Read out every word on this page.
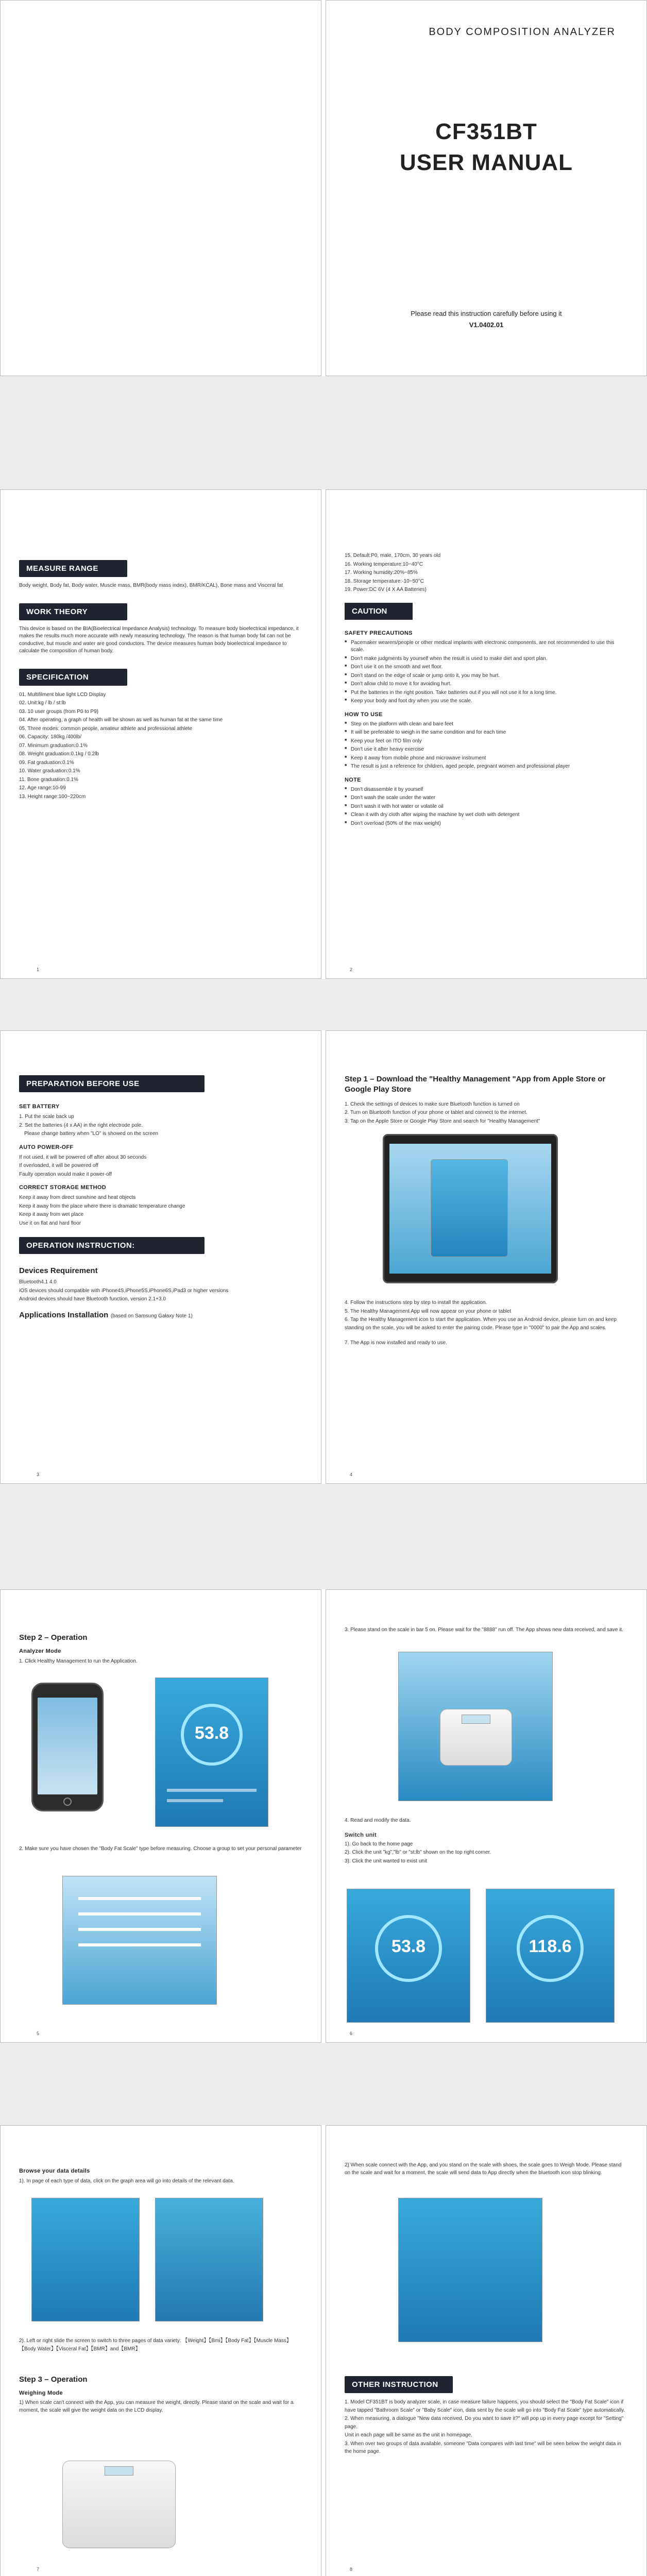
BODY COMPOSITION ANALYZER
CF351BT
USER MANUAL
Please read this instruction carefully before using it
V1.0402.01
MEASURE RANGE
Body weight, Body fat, Body water, Muscle mass, BMR(body mass index), BMR/KCAL), Bone mass and Visceral fat
WORK THEORY
This device is based on the BIA(Bioelectrical Impedance Analysis) technology. To measure body bioelectrical impedance, it makes the results much more accurate with newly measuring technology. The reason is that human body fat can not be conductive, but muscle and water are good conductors. The device measures human body bioelectrical impedance to calculate the composition of human body.
SPECIFICATION
01. Multifilment blue light LCD Display
02. Unit:kg / lb / st:lb
03. 10 user groups (from P0 to P9)
04. After operating, a graph of health will be shown as well as human fat at the same time
05. Three modes: common people, amateur athlete and professional athlete
06. Capacity: 180kg /400lb/
07. Minimum graduation:0.1%
08. Weight graduation:0.1kg / 0.2lb
09. Fat graduation:0.1%
10. Water graduation:0.1%
11. Bone graduation:0.1%
12. Age range:10-99
13. Height range:100~220cm
1
15. Default:P0, male, 170cm, 30 years old
16. Working temperature:10~40°C
17. Working humidity:20%~85%
18. Storage temperature:-10~50°C
19. Power:DC 6V (4 X AA Batteries)
CAUTION
SAFETY PRECAUTIONS
■ Pacemaker wearers/people or other medical implants with electronic components, are not recommended to use this scale.
■ Don't make judgments by yourself when the result is used to make diet and sport plan.
■ Don't use it on the smooth and wet floor.
■ Don't stand on the edge of scale or jump onto it, you may be hurt.
■ Don't allow child to move it for avoiding hurt.
■ Put the batteries in the right position. Take batteries out if you will not use it for a long time.
■ Keep your body and foot dry when you use the scale.
HOW TO USE
■ Step on the platform with clean and bare feet
■ It will be preferable to weigh in the same condition and for each time
■ Keep your feet on ITO film only
■ Don't use it after heavy exercise
■ Keep it away from mobile phone and microwave instrument
■ The result is just a reference for children, aged people, pregnant women and professional player
NOTE
■ Don't disassemble it by yourself
■ Don't wash the scale under the water
■ Don't wash it with hot water or volatile oil
■ Clean it with dry cloth after wiping the machine by wet cloth with detergent
■ Don't overload (50% of the max weight)
2
PREPARATION BEFORE USE
SET BATTERY
1. Put the scale back up
2. Set the batteries (4 x AA) in the right electrode pole.
Please change battery when "LO" is showed on the screen
AUTO POWER-OFF
If not used, it will be powered off after about 30 seconds
If overloaded, it will be powered off
Faulty operation would make it power-off
CORRECT STORAGE METHOD
Keep it away from direct sunshine and heat objects
Keep it away from the place where there is dramatic temperature change
Keep it away from wet place
Use it on flat and hard floor
OPERATION INSTRUCTION:
Devices Requirement
Bluetooth4.1 4.0
iOS devices should compatible with iPhone4S,iPhone5S,iPhone6S,iPad3 or higher versions
Android devices should have Bluetooth function, version 2.1+3.0
Applications Installation (based on Samsung Galaxy Note 1)
3
Step 1 – Download the "Healthy Management "App from Apple Store or Google Play Store
1. Check the settings of devices to make sure Bluetooth function is turned on
2. Turn on Bluetooth function of your phone or tablet and connect to the internet.
3. Tap on the Apple Store or Google Play Store and search for "Healthy Management"
4. Follow the instructions step by step to install the application.
5. The Healthy Management App will now appear on your phone or tablet
6. Tap the Healthy Management icon to start the application. When you use an Android device, please turn on and keep standing on the scale, you will be asked to enter the pairing code. Please type in "0000" to pair the App and scales.
7. The App is now installed and ready to use.
4
Step 2 – Operation
Analyzer Mode
1. Click Healthy Management to run the Application.
53.8
2. Make sure you have chosen the "Body Fat Scale" type before measuring. Choose a group to set your personal parameter
5
3. Please stand on the scale in bar 5 on. Please wait for the "8888" run off. The App shows new data received, and save it.
4. Read and modify the data.
Switch unit
1). Go back to the home page
2). Click the unit "kg","lb" or "st:lb" shown on the top right corner.
3). Click the unit wanted to exist unit
53.8	118.6
6
Browse your data details
1). In page of each type of data, click on the graph area will go into details of the relevant data.
2). Left or right slide the screen to switch to three pages of data variety: 【Weight】【Bmi】【Body Fat】【Muscle Mass】【Body Water】【Visceral Fat】【BMR】and【BMR】
Step 3 – Operation
Weighing Mode
1) When scale can't connect with the App, you can measure the weight, directly. Please stand on the scale and wait for a moment, the scale will give the weight data on the LCD display.
7
2) When scale connect with the App, and you stand on the scale with shoes, the scale goes to Weigh Mode. Please stand on the scale and wait for a moment, the scale will send data to App directly when the bluetooth icon stop blinking.
OTHER INSTRUCTION
1. Model CF351BT is body analyzer scale, in case measure failure happens, you should select the "Body Fat Scale" icon if have tapped "Bathroom Scale" or "Baby Scale" icon, data sent by the scale will go into "Body Fat Scale" type automatically.
2. When measuring, a dialogue "New data received, Do you want to save it?" will pop up in every page except for "Setting" page.
Unit in each page will be same as the unit in homepage.
3. When over two groups of data available, someone "Data compares with last time" will be seen below the weight data in the home page.
8
